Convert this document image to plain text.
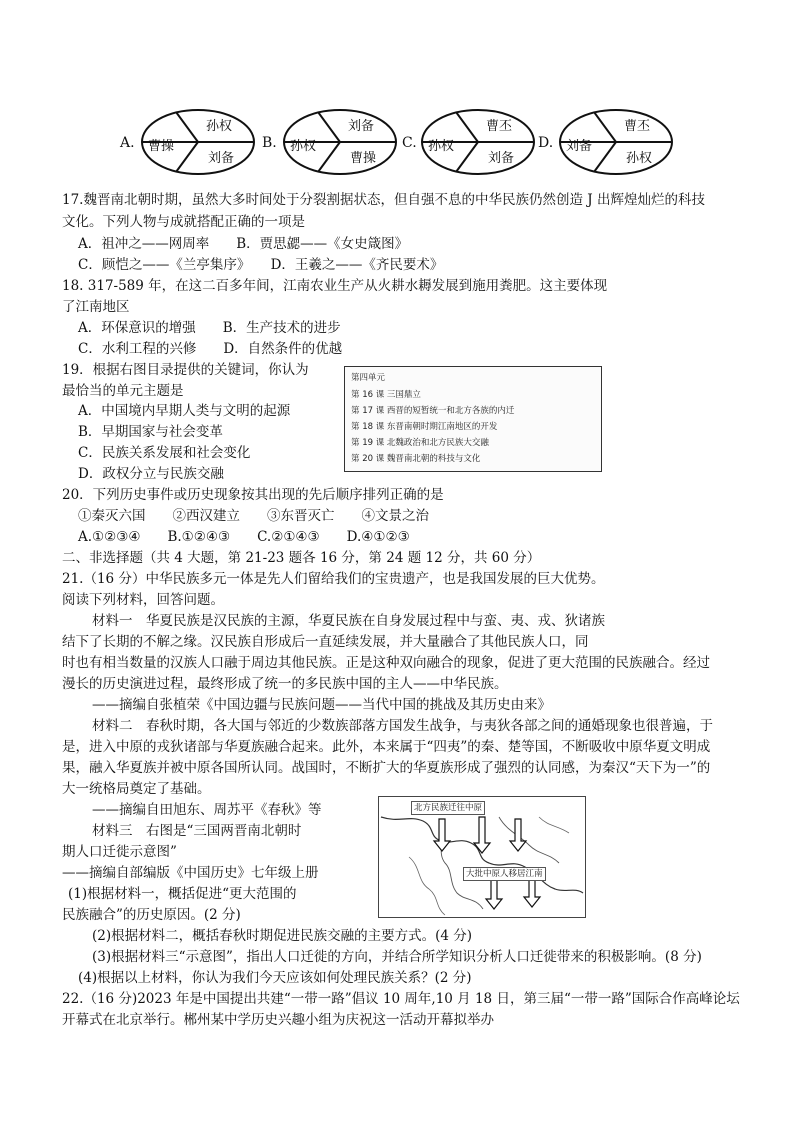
A.
孙权
曹操
刘备
B.
刘备
孙权
曹操
C.
曹丕
孙权
刘备
D.
曹丕
刘备
孙权
17.魏晋南北朝时期，虽然大多时间处于分裂割据状态，但自强不息的中华民族仍然创造 J 出辉煌灿烂的科技
文化。下列人物与成就搭配正确的一项是
A．祖冲之——网周率　　B．贾思勰——《女史箴图》
C．顾恺之——《兰亭集序》　　D．王羲之——《齐民要术》
18. 317-589 年，在这二百多年间，江南农业生产从火耕水耨发展到施用粪肥。这主要体现
了江南地区
A．环保意识的增强　　B．生产技术的进步
C．水利工程的兴修　　D．自然条件的优越
19．根据右图目录提供的关键词，你认为
最恰当的单元主题是
A．中国境内早期人类与文明的起源
B．早期国家与社会变革
C．民族关系发展和社会变化
D．政权分立与民族交融
第四单元
第 16 课 三国鼎立
第 17 课 西晋的短暂统一和北方各族的内迁
第 18 课 东晋南朝时期江南地区的开发
第 19 课 北魏政治和北方民族大交融
第 20 课 魏晋南北朝的科技与文化
20．下列历史事件或历史现象按其出现的先后顺序排列正确的是
①秦灭六国　　②西汉建立　　③东晋灭亡　　④文景之治
A.①②③④　　B.①②④③　　C.②①④③　　D.④①②③
二、非选择题（共 4 大题，第 21-23 题各 16 分，第 24 题 12 分，共 60 分）
21.（16 分）中华民族多元一体是先人们留给我们的宝贵遗产，也是我国发展的巨大优势。
阅读下列材料，回答问题。
材料一　华夏民族是汉民族的主源，华夏民族在自身发展过程中与蛮、夷、戎、狄诸族
结下了长期的不解之缘。汉民族自形成后一直延续发展，并大量融合了其他民族人口，同
时也有相当数量的汉族人口融于周边其他民族。正是这种双向融合的现象，促进了更大范围的民族融合。经过
漫长的历史演进过程，最终形成了统一的多民族中国的主人——中华民族。
——摘编自张植荣《中国边疆与民族问题——当代中国的挑战及其历史由来》
材料二　春秋时期，各大国与邻近的少数族部落方国发生战争，与夷狄各部之间的通婚现象也很普遍，于
是，进入中原的戎狄诸部与华夏族融合起来。此外，本来属于“四夷”的秦、楚等国，不断吸收中原华夏文明成
果，融入华夏族并被中原各国所认同。战国时，不断扩大的华夏族形成了强烈的认同感，为秦汉“天下为一”的
大一统格局奠定了基础。
——摘编自田旭东、周苏平《春秋》等
材料三　右图是“三国两晋南北朝时
期人口迁徙示意图”
——摘编自部编版《中国历史》七年级上册
(1)根据材料一，概括促进“更大范围的
民族融合”的历史原因。(2 分)
(2)根据材料二，概括春秋时期促进民族交融的主要方式。(4 分)
(3)根据材料三“示意图”，指出人口迁徙的方向，并结合所学知识分析人口迁徙带来的积极影响。(8 分)
(4)根据以上材料，你认为我们今天应该如何处理民族关系？(2 分)
北方民族迁往中原
大批中原人移居江南
22.（16 分)2023 年是中国提出共建“一带一路”倡议 10 周年,10 月 18 日，第三届“一带一路”国际合作高峰论坛
开幕式在北京举行。郴州某中学历史兴趣小组为庆祝这一活动开幕拟举办
